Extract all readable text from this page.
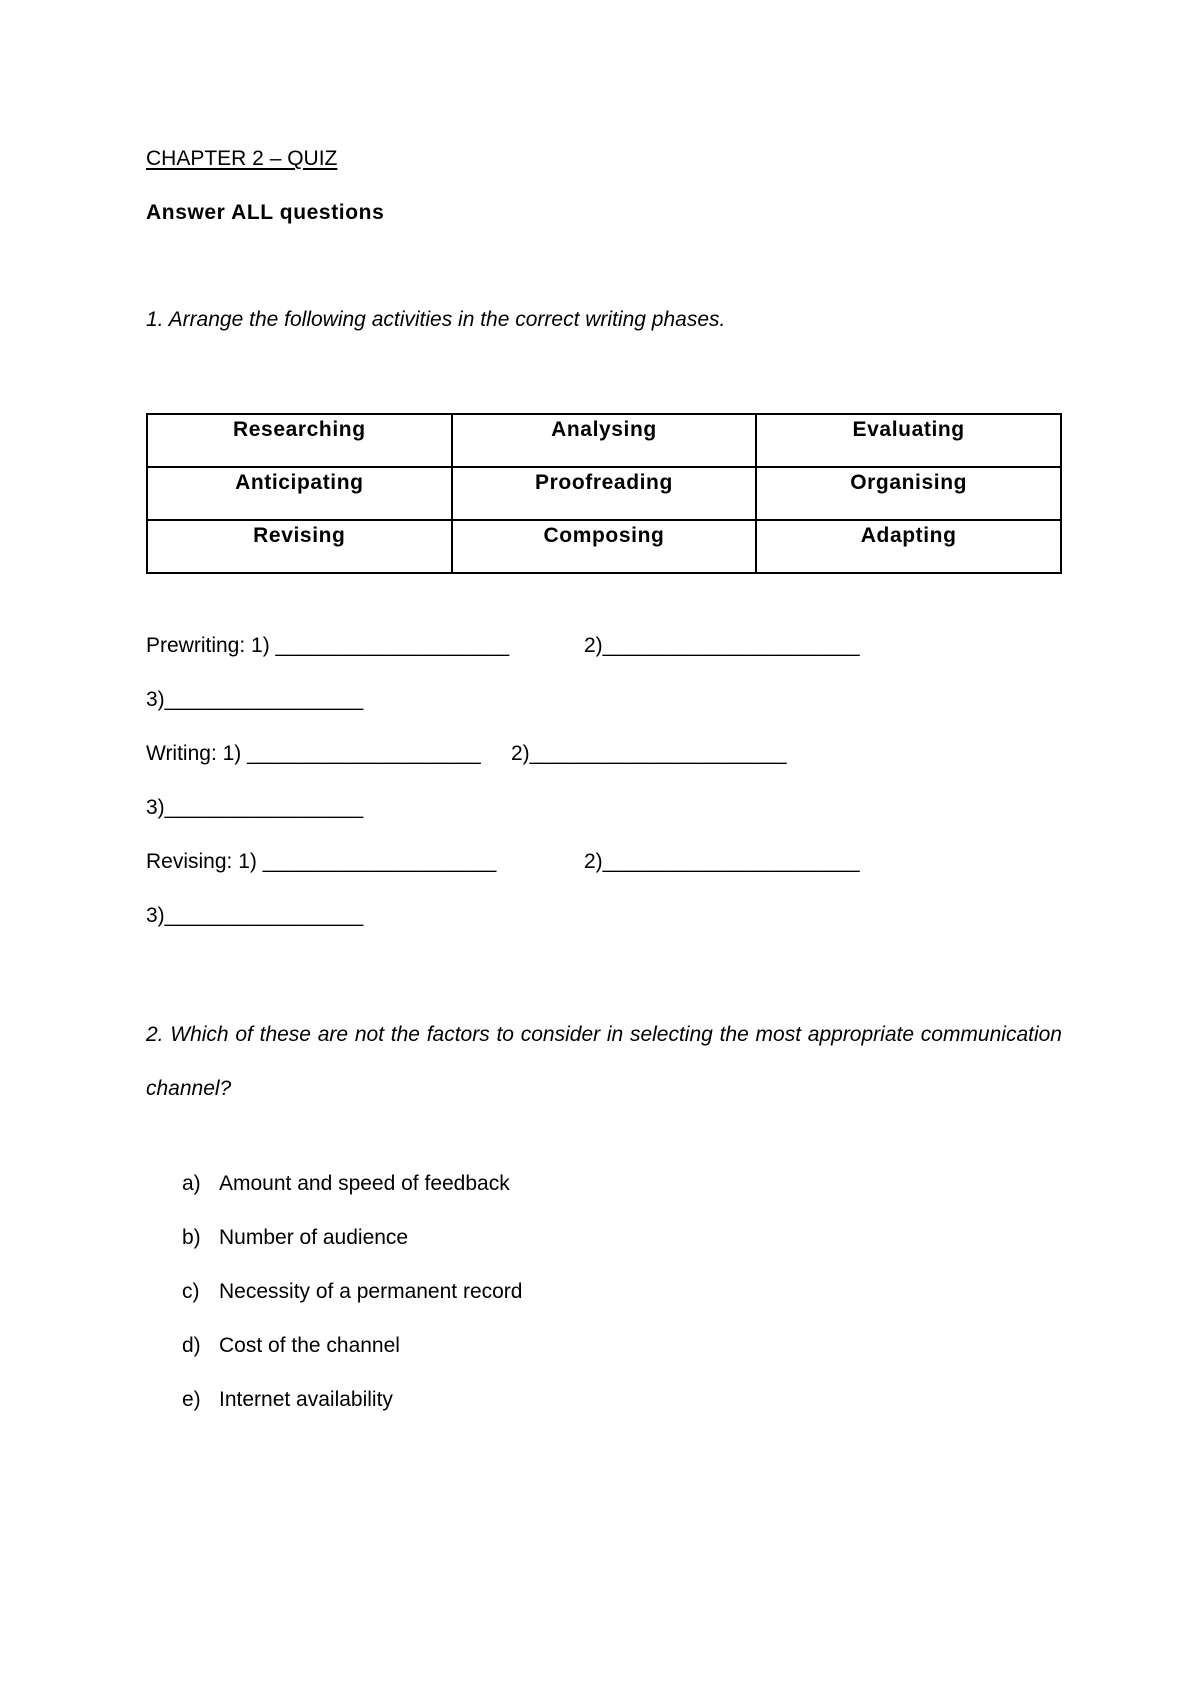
CHAPTER 2 – QUIZ
Answer ALL questions
1. Arrange the following activities in the correct writing phases.
Researching	Analysing	Evaluating

Anticipating	Proofreading	Organising

Revising	Composing	Adapting
Prewriting: 1) ____________________	2)______________________
3)_________________
Writing: 1) ____________________ 2)______________________
3)_________________
Revising: 1) ____________________	2)______________________
3)_________________
2. Which of these are not the factors to consider in selecting the most appropriate communication channel?
a) Amount and speed of feedback
b) Number of audience
c) Necessity of a permanent record
d) Cost of the channel
e) Internet availability
